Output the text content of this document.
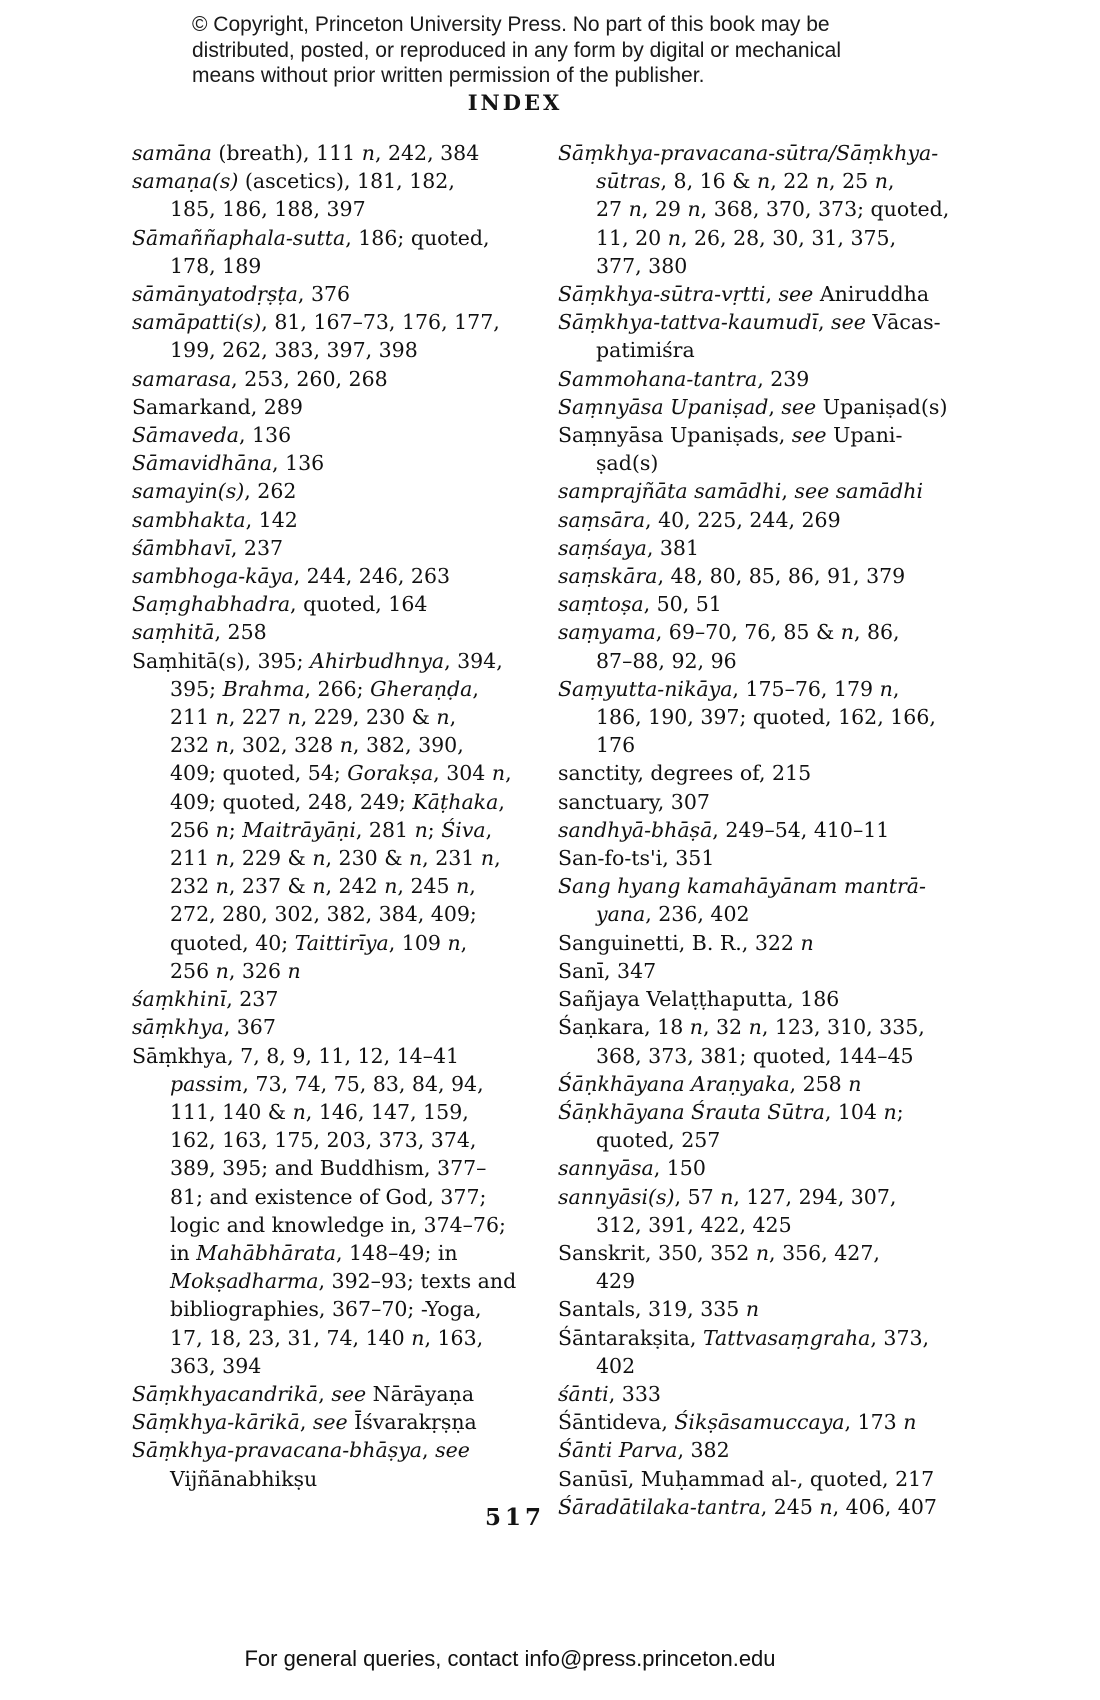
© Copyright, Princeton University Press. No part of this book may be
distributed, posted, or reproduced in any form by digital or mechanical
means without prior written permission of the publisher.
INDEX
samāna (breath), 111 n, 242, 384
samaṇa(s) (ascetics), 181, 182,
185, 186, 188, 397
Sāmaññaphala-sutta, 186; quoted,
178, 189
sāmānyatodṛṣṭa, 376
samāpatti(s), 81, 167–73, 176, 177,
199, 262, 383, 397, 398
samarasa, 253, 260, 268
Samarkand, 289
Sāmaveda, 136
Sāmavidhāna, 136
samayin(s), 262
sambhakta, 142
śāmbhavī, 237
sambhoga-kāya, 244, 246, 263
Saṃghabhadra, quoted, 164
saṃhitā, 258
Saṃhitā(s), 395; Ahirbudhnya, 394,
395; Brahma, 266; Gheraṇḍa,
211 n, 227 n, 229, 230 & n,
232 n, 302, 328 n, 382, 390,
409; quoted, 54; Gorakṣa, 304 n,
409; quoted, 248, 249; Kāṭhaka,
256 n; Maitrāyāṇi, 281 n; Śiva,
211 n, 229 & n, 230 & n, 231 n,
232 n, 237 & n, 242 n, 245 n,
272, 280, 302, 382, 384, 409;
quoted, 40; Taittirīya, 109 n,
256 n, 326 n
śaṃkhinī, 237
sāṃkhya, 367
Sāṃkhya, 7, 8, 9, 11, 12, 14–41
passim, 73, 74, 75, 83, 84, 94,
111, 140 & n, 146, 147, 159,
162, 163, 175, 203, 373, 374,
389, 395; and Buddhism, 377–
81; and existence of God, 377;
logic and knowledge in, 374–76;
in Mahābhārata, 148–49; in
Mokṣadharma, 392–93; texts and
bibliographies, 367–70; -Yoga,
17, 18, 23, 31, 74, 140 n, 163,
363, 394
Sāṃkhyacandrikā, see Nārāyaṇa
Sāṃkhya-kārikā, see Īśvarakṛṣṇa
Sāṃkhya-pravacana-bhāṣya, see
Vijñānabhikṣu
Sāṃkhya-pravacana-sūtra/Sāṃkhya-
sūtras, 8, 16 & n, 22 n, 25 n,
27 n, 29 n, 368, 370, 373; quoted,
11, 20 n, 26, 28, 30, 31, 375,
377, 380
Sāṃkhya-sūtra-vṛtti, see Aniruddha
Sāṃkhya-tattva-kaumudī, see Vācas-
patimiśra
Sammohana-tantra, 239
Saṃnyāsa Upaniṣad, see Upaniṣad(s)
Saṃnyāsa Upaniṣads, see Upani-
ṣad(s)
samprajñāta samādhi, see samādhi
saṃsāra, 40, 225, 244, 269
saṃśaya, 381
saṃskāra, 48, 80, 85, 86, 91, 379
saṃtoṣa, 50, 51
saṃyama, 69–70, 76, 85 & n, 86,
87–88, 92, 96
Saṃyutta-nikāya, 175–76, 179 n,
186, 190, 397; quoted, 162, 166,
176
sanctity, degrees of, 215
sanctuary, 307
sandhyā-bhāṣā, 249–54, 410–11
San-fo-ts'i, 351
Sang hyang kamahāyānam mantrā-
yana, 236, 402
Sanguinetti, B. R., 322 n
Sanī, 347
Sañjaya Velaṭṭhaputta, 186
Śaṇkara, 18 n, 32 n, 123, 310, 335,
368, 373, 381; quoted, 144–45
Śāṇkhāyana Araṇyaka, 258 n
Śāṇkhāyana Śrauta Sūtra, 104 n;
quoted, 257
sannyāsa, 150
sannyāsi(s), 57 n, 127, 294, 307,
312, 391, 422, 425
Sanskrit, 350, 352 n, 356, 427,
429
Santals, 319, 335 n
Śāntarakṣita, Tattvasaṃgraha, 373,
402
śānti, 333
Śāntideva, Śikṣāsamuccaya, 173 n
Śānti Parva, 382
Sanūsī, Muḥammad al-, quoted, 217
Śāradātilaka-tantra, 245 n, 406, 407
517
For general queries, contact info@press.princeton.edu
